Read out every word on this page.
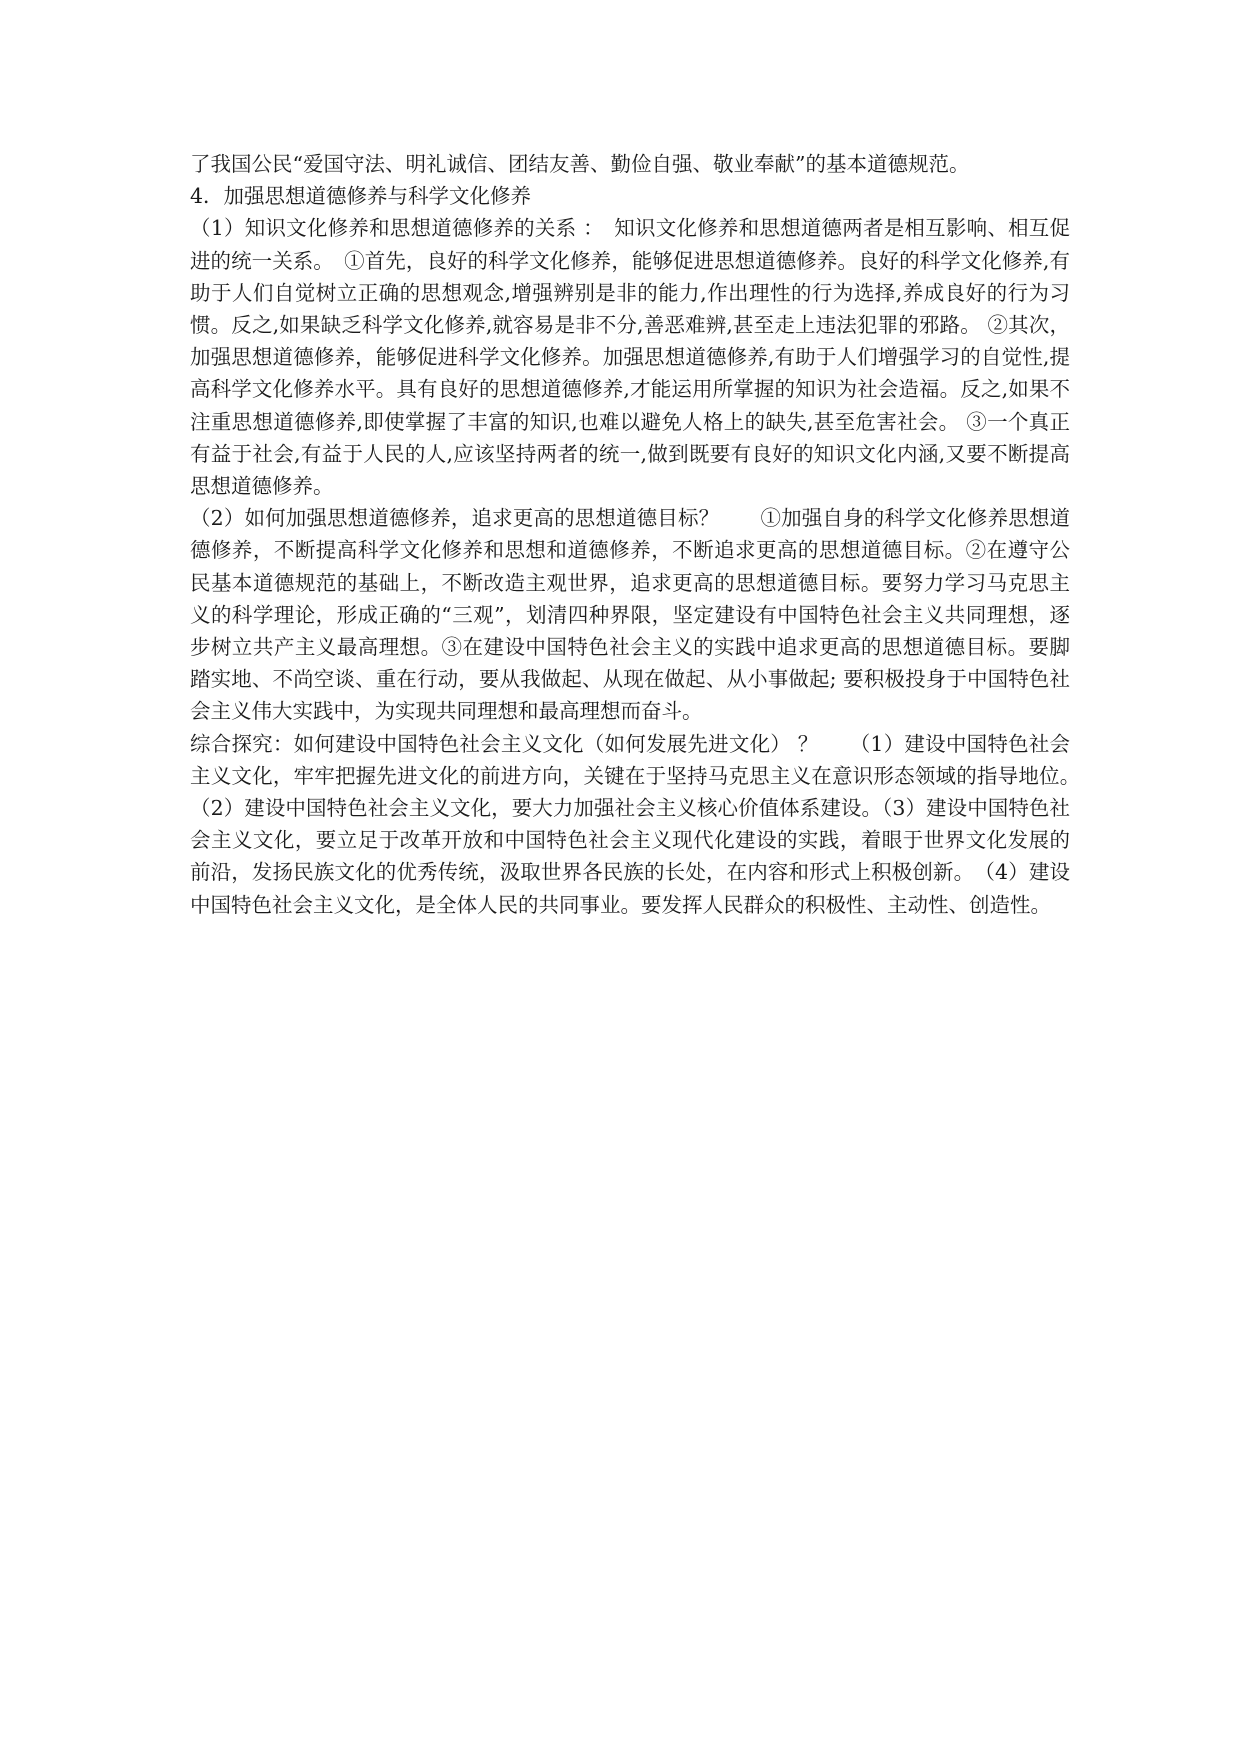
了我国公民“爱国守法、明礼诚信、团结友善、勤俭自强、敬业奉献”的基本道德规范。

4．加强思想道德修养与科学文化修养

（1）知识文化修养和思想道德修养的关系 ：　知识文化修养和思想道德两者是相互影响、相互促进的统一关系。　①首先，良好的科学文化修养，能够促进思想道德修养。良好的科学文化修养,有助于人们自觉树立正确的思想观念,增强辨别是非的能力,作出理性的行为选择,养成良好的行为习惯。反之,如果缺乏科学文化修养,就容易是非不分,善恶难辨,甚至走上违法犯罪的邪路。 ②其次，加强思想道德修养，能够促进科学文化修养。加强思想道德修养,有助于人们增强学习的自觉性,提高科学文化修养水平。具有良好的思想道德修养,才能运用所掌握的知识为社会造福。反之,如果不注重思想道德修养,即使掌握了丰富的知识,也难以避免人格上的缺失,甚至危害社会。 ③一个真正有益于社会,有益于人民的人,应该坚持两者的统一,做到既要有良好的知识文化内涵,又要不断提高思想道德修养。

（2）如何加强思想道德修养，追求更高的思想道德目标？　　①加强自身的科学文化修养思想道德修养，不断提高科学文化修养和思想和道德修养，不断追求更高的思想道德目标。②在遵守公民基本道德规范的基础上，不断改造主观世界，追求更高的思想道德目标。要努力学习马克思主义的科学理论，形成正确的“三观”，划清四种界限，坚定建设有中国特色社会主义共同理想，逐步树立共产主义最高理想。③在建设中国特色社会主义的实践中追求更高的思想道德目标。要脚踏实地、不尚空谈、重在行动，要从我做起、从现在做起、从小事做起; 要积极投身于中国特色社会主义伟大实践中，为实现共同理想和最高理想而奋斗。

综合探究：如何建设中国特色社会主义文化（如何发展先进文化） ？　　（1）建设中国特色社会主义文化，牢牢把握先进文化的前进方向，关键在于坚持马克思主义在意识形态领域的指导地位。　（2）建设中国特色社会主义文化，要大力加强社会主义核心价值体系建设。（3）建设中国特色社会主义文化，要立足于改革开放和中国特色社会主义现代化建设的实践，着眼于世界文化发展的前沿，发扬民族文化的优秀传统，汲取世界各民族的长处，在内容和形式上积极创新。　（4）建设中国特色社会主义文化，是全体人民的共同事业。要发挥人民群众的积极性、主动性、创造性。
